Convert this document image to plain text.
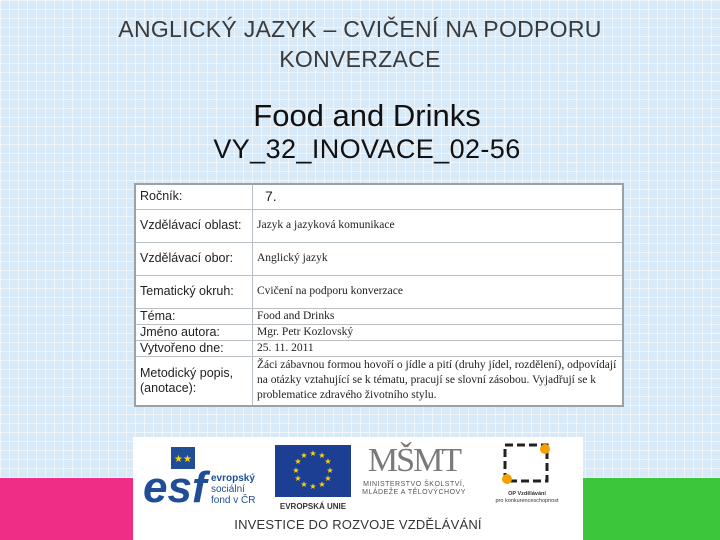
ANGLICKÝ JAZYK – CVIČENÍ NA PODPORU
KONVERZACE
Food and Drinks
VY_32_INOVACE_02-56
Ročník:	7.
Vzdělávací oblast:	Jazyk a jazyková komunikace
Vzdělávací obor:	Anglický jazyk
Tematický okruh:	Cvičení na podporu konverzace
Téma:	Food and Drinks
Jméno autora:	Mgr. Petr Kozlovský
Vytvořeno dne:	25. 11. 2011
Metodický popis, (anotace):	Žáci zábavnou formou hovoří o jídle a pití (druhy jídel, rozdělení), odpovídají na otázky vztahující se k tématu, pracují se slovní zásobou. Vyjadřují se k problematice zdravého životního stylu.
★★
esf evropský
sociální
fond v ČR
★ ★
★
★
★
★
★
★
★
★
★
★
EVROPSKÁ UNIE
MŠMT
MINISTERSTVO ŠKOLSTVÍ,
MLÁDEŽE A TĚLOVÝCHOVY	OP Vzdělávání
pro konkurenceschopnost
INVESTICE DO ROZVOJE VZDĚLÁVÁNÍ
